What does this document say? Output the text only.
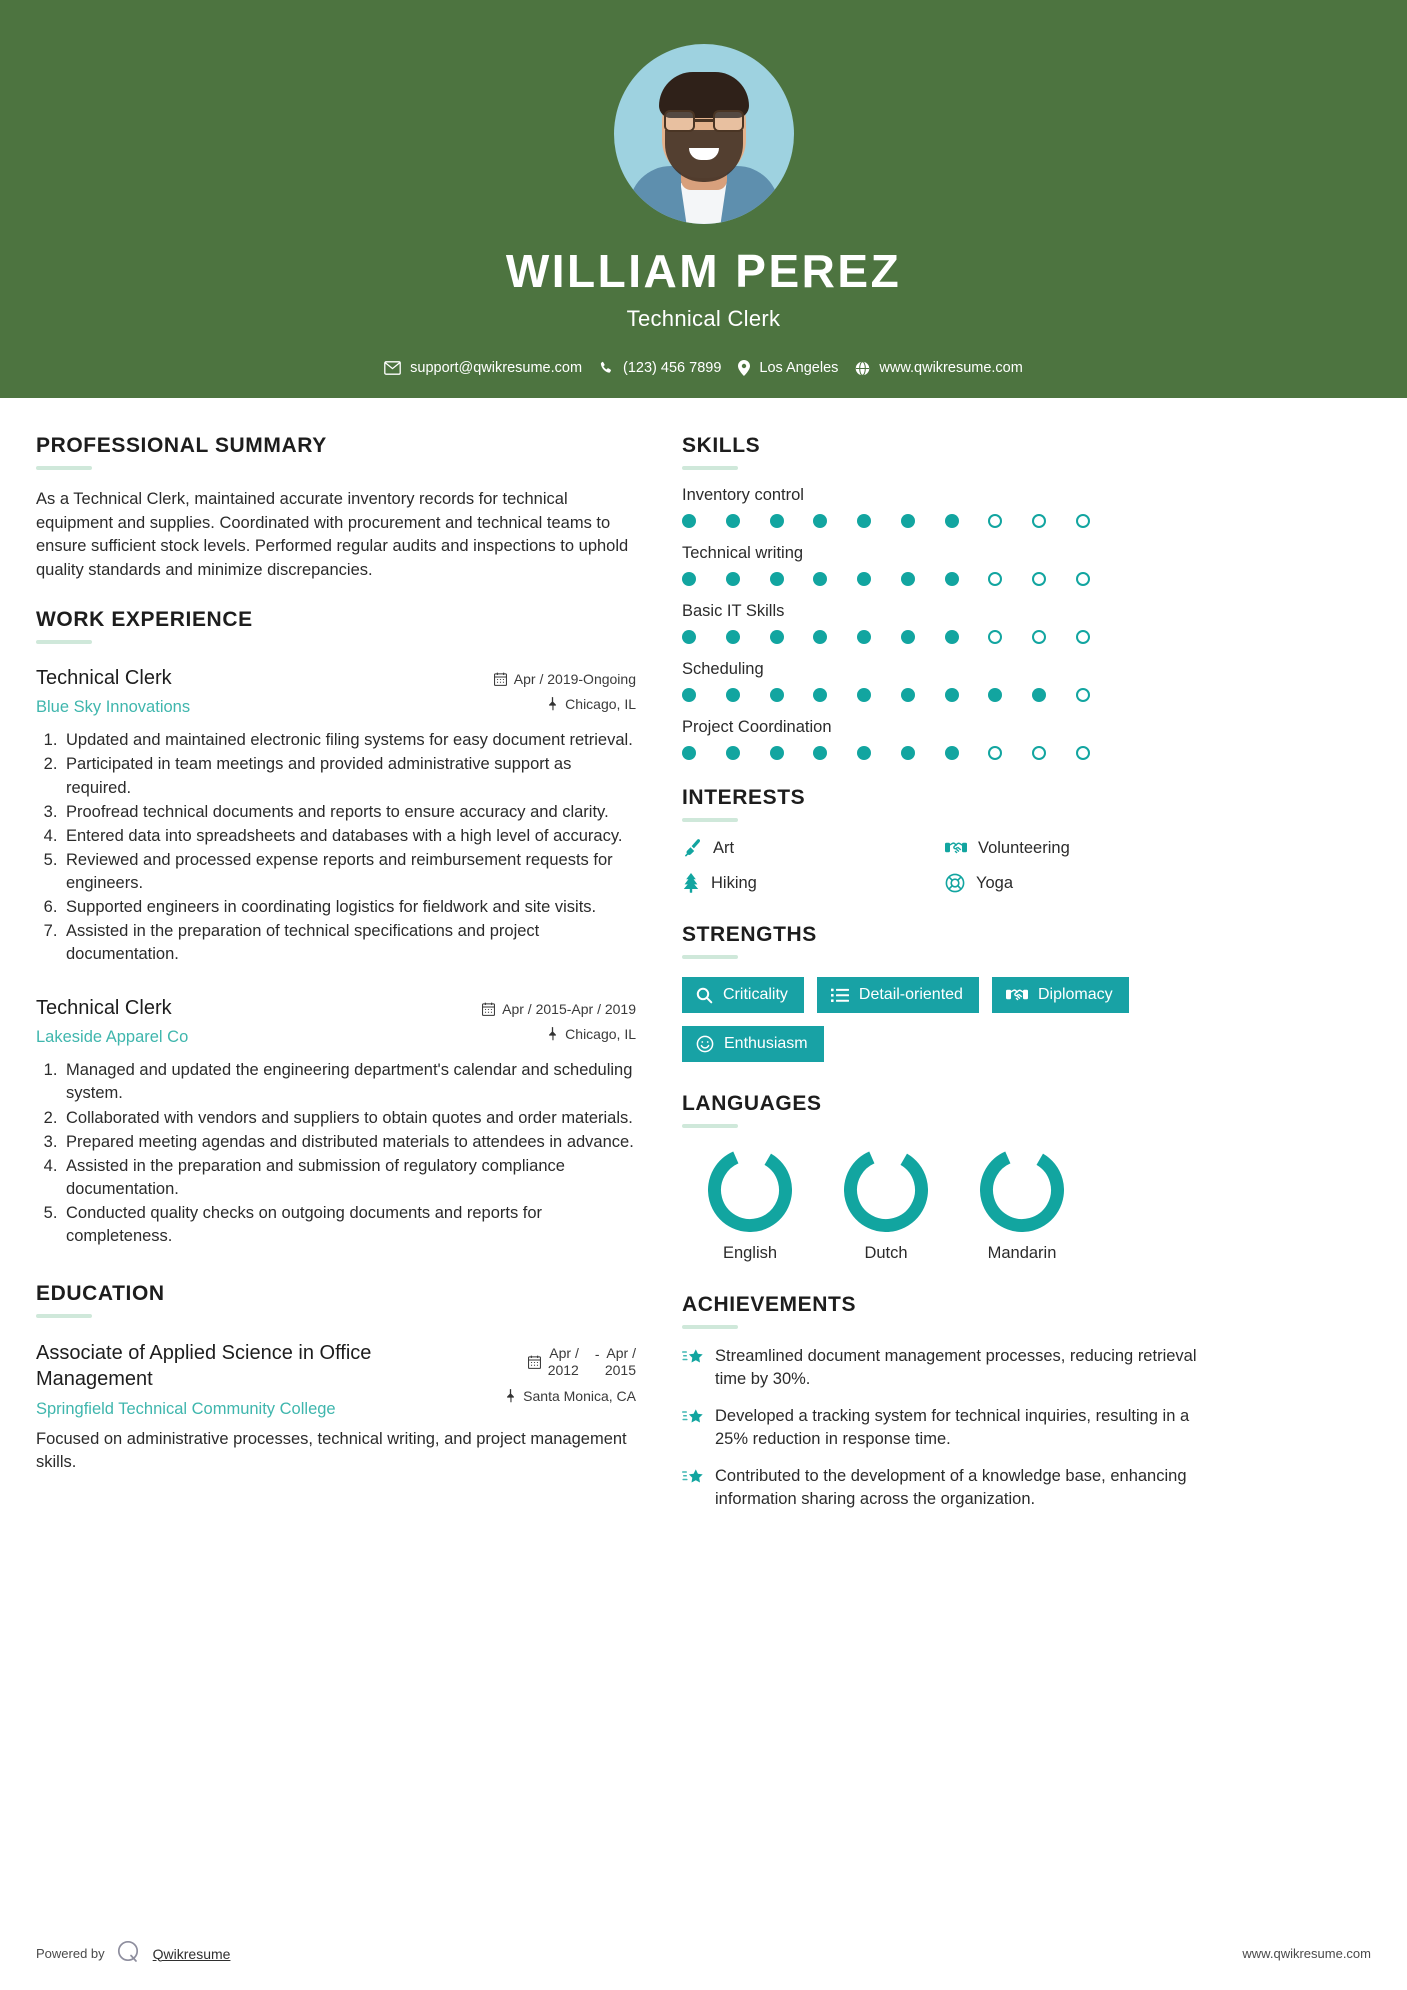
WILLIAM PEREZ
Technical Clerk
support@qwikresume.com	(123) 456 7899	Los Angeles	www.qwikresume.com
PROFESSIONAL SUMMARY

As a Technical Clerk, maintained accurate inventory records for technical equipment and supplies. Coordinated with procurement and technical teams to ensure sufficient stock levels. Performed regular audits and inspections to uphold quality standards and minimize discrepancies.

WORK EXPERIENCE
Technical Clerk
Blue Sky Innovations
Apr / 2019-Ongoing
Chicago, IL
1. Updated and maintained electronic filing systems for easy document retrieval.
2. Participated in team meetings and provided administrative support as required.
3. Proofread technical documents and reports to ensure accuracy and clarity.
4. Entered data into spreadsheets and databases with a high level of accuracy.
5. Reviewed and processed expense reports and reimbursement requests for engineers.
6. Supported engineers in coordinating logistics for fieldwork and site visits.
7. Assisted in the preparation of technical specifications and project documentation.
Technical Clerk
Lakeside Apparel Co
Apr / 2015-Apr / 2019
Chicago, IL
1. Managed and updated the engineering department's calendar and scheduling system.
2. Collaborated with vendors and suppliers to obtain quotes and order materials.
3. Prepared meeting agendas and distributed materials to attendees in advance.
4. Assisted in the preparation and submission of regulatory compliance documentation.
5. Conducted quality checks on outgoing documents and reports for completeness.
EDUCATION
Associate of Applied Science in Office Management
Springfield Technical Community College
Apr /
2012
- Apr /
2015
Santa Monica, CA

Focused on administrative processes, technical writing, and project management skills.

SKILLS
Inventory control
Technical writing
Basic IT Skills
Scheduling
Project Coordination
INTERESTS
Art	Volunteering
Hiking	Yoga
STRENGTHS
Criticality	Detail-oriented	Diplomacy
Enthusiasm
LANGUAGES
English	Dutch	Mandarin
ACHIEVEMENTS
Streamlined document management processes, reducing retrieval time by 30%.
Developed a tracking system for technical inquiries, resulting in a 25% reduction in response time.
Contributed to the development of a knowledge base, enhancing information sharing across the organization.
Powered by	Qwikresume	www.qwikresume.com
